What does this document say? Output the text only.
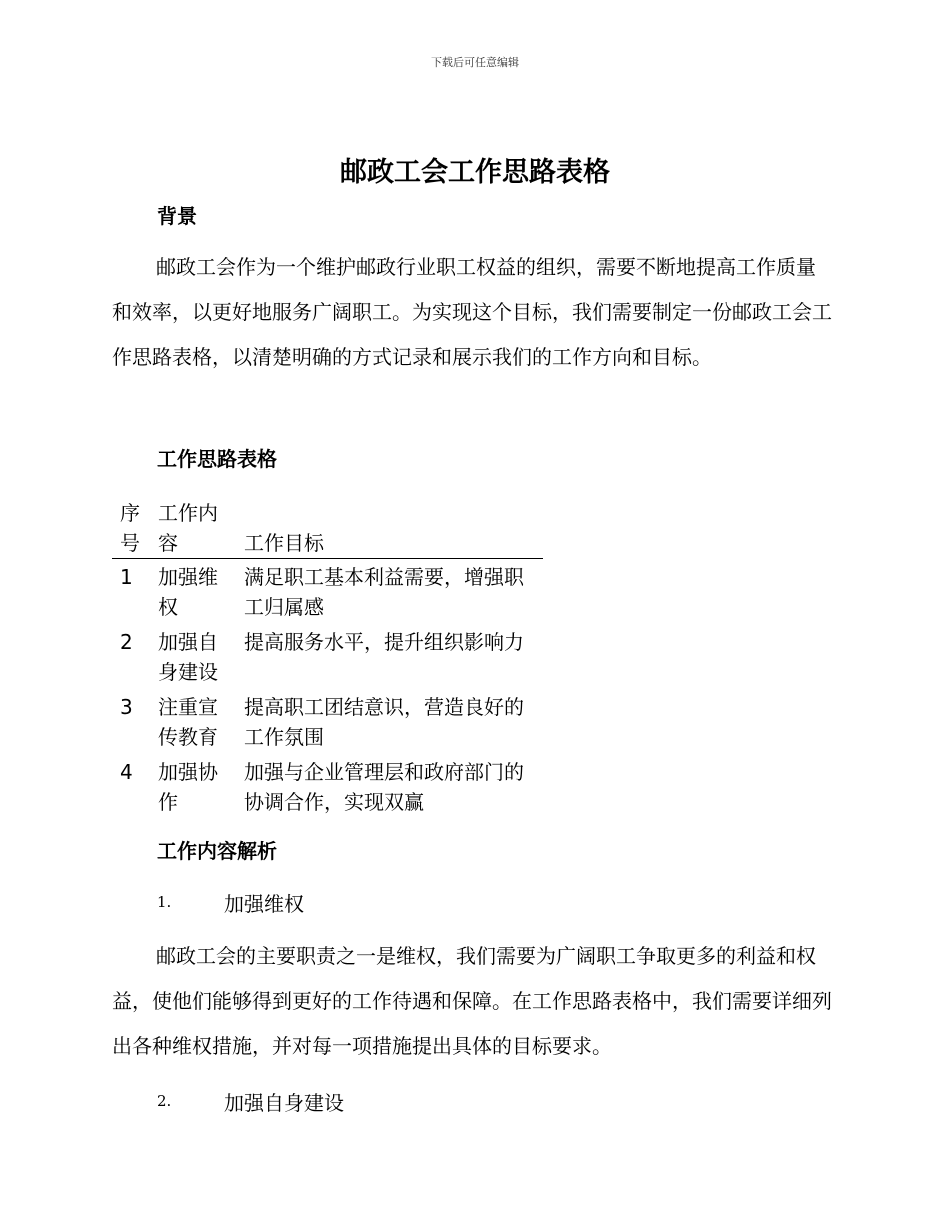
下载后可任意编辑
邮政工会工作思路表格
背景

邮政工会作为一个维护邮政行业职工权益的组织，需要不断地提高工作质量和效率，以更好地服务广阔职工。为实现这个目标，我们需要制定一份邮政工会工作思路表格，以清楚明确的方式记录和展示我们的工作方向和目标。

工作思路表格
序号	工作内容	工作目标
1	加强维权	满足职工基本利益需要，增强职工归属感
2	加强自身建设	提高服务水平，提升组织影响力
3	注重宣传教育	提高职工团结意识，营造良好的工作氛围
4	加强协作	加强与企业管理层和政府部门的协调合作，实现双赢
工作内容解析
1.	加强维权

邮政工会的主要职责之一是维权，我们需要为广阔职工争取更多的利益和权益，使他们能够得到更好的工作待遇和保障。在工作思路表格中，我们需要详细列出各种维权措施，并对每一项措施提出具体的目标要求。

2.	加强自身建设
